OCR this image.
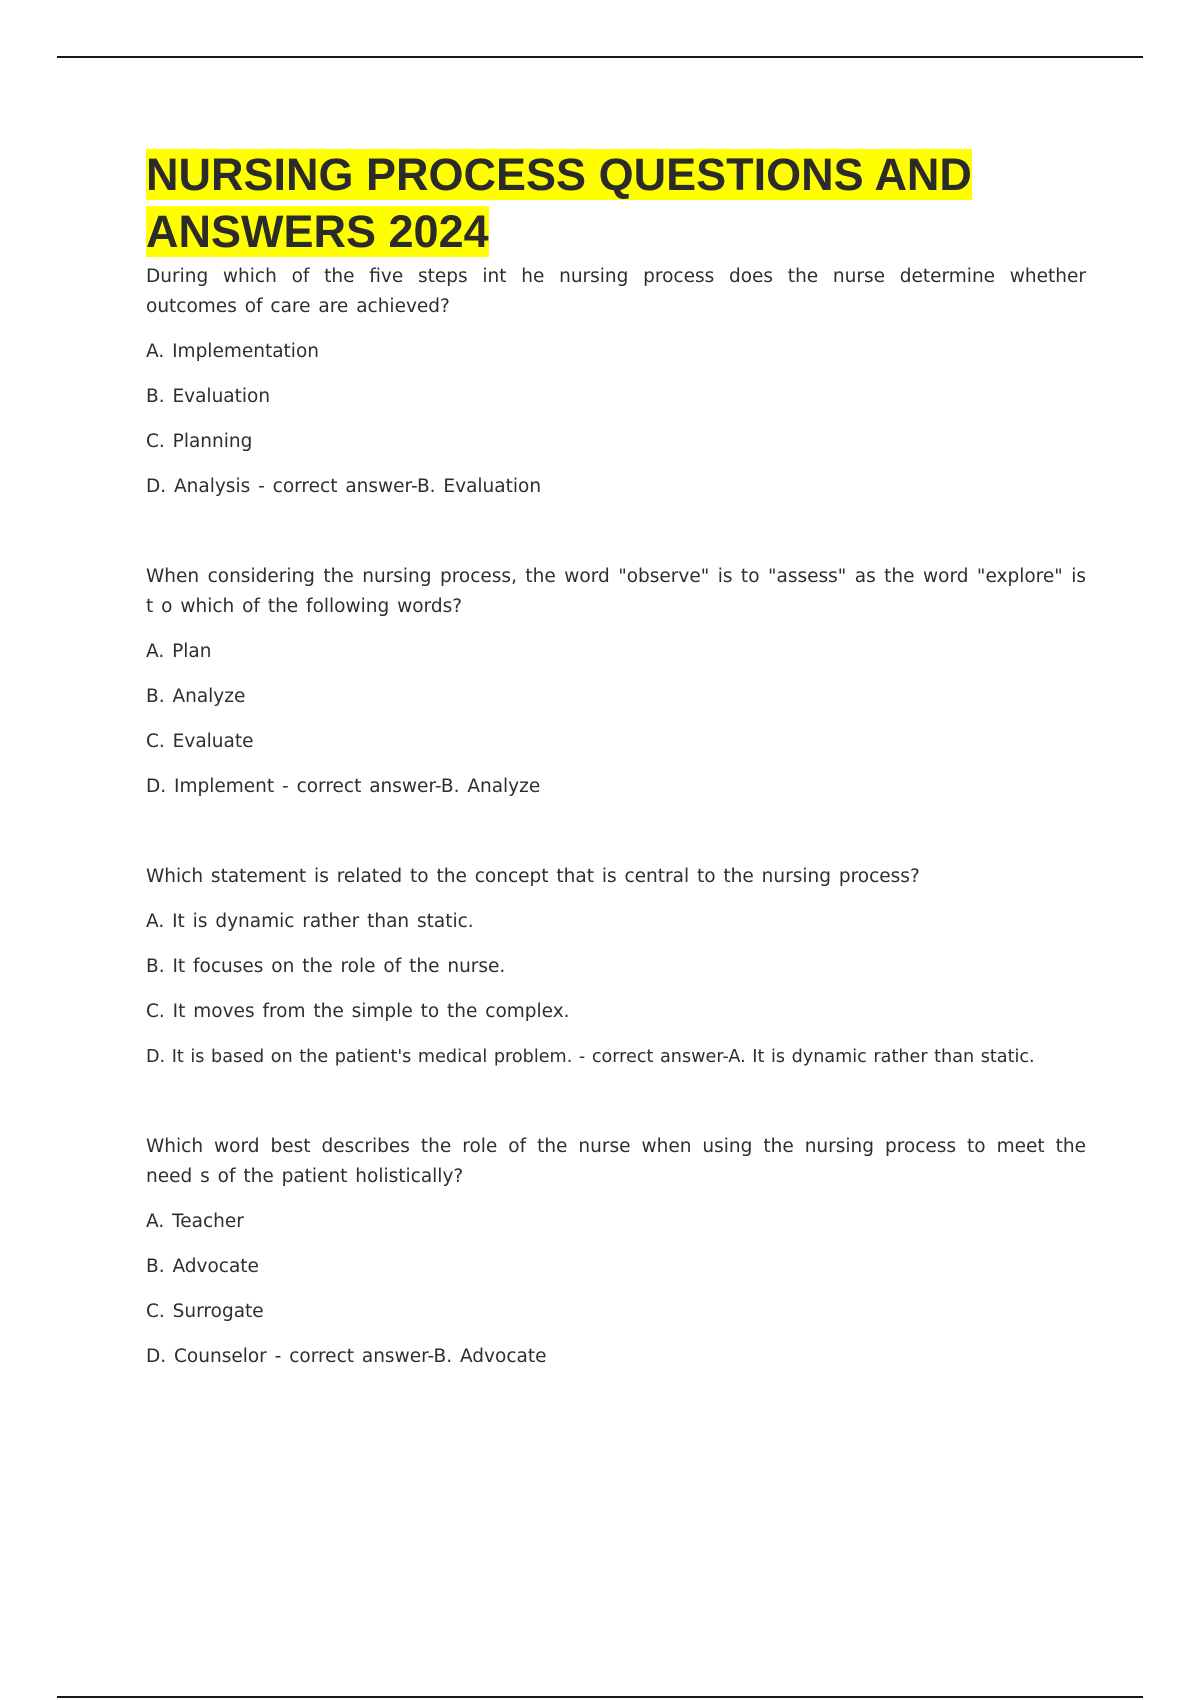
NURSING PROCESS QUESTIONS AND ANSWERS 2024

During which of the five steps int he nursing process does the nurse determine whether outcomes of care are achieved?

A. Implementation
B. Evaluation
C. Planning
D. Analysis - correct answer-B. Evaluation

When considering the nursing process, the word "observe" is to "assess" as the word "explore" is t o which of the following words?

A. Plan
B. Analyze
C. Evaluate
D. Implement - correct answer-B. Analyze

Which statement is related to the concept that is central to the nursing process?

A. It is dynamic rather than static.
B. It focuses on the role of the nurse.
C. It moves from the simple to the complex.
D. It is based on the patient's medical problem. - correct answer-A. It is dynamic rather than static.

Which word best describes the role of the nurse when using the nursing process to meet the need s of the patient holistically?

A. Teacher
B. Advocate
C. Surrogate
D. Counselor - correct answer-B. Advocate
